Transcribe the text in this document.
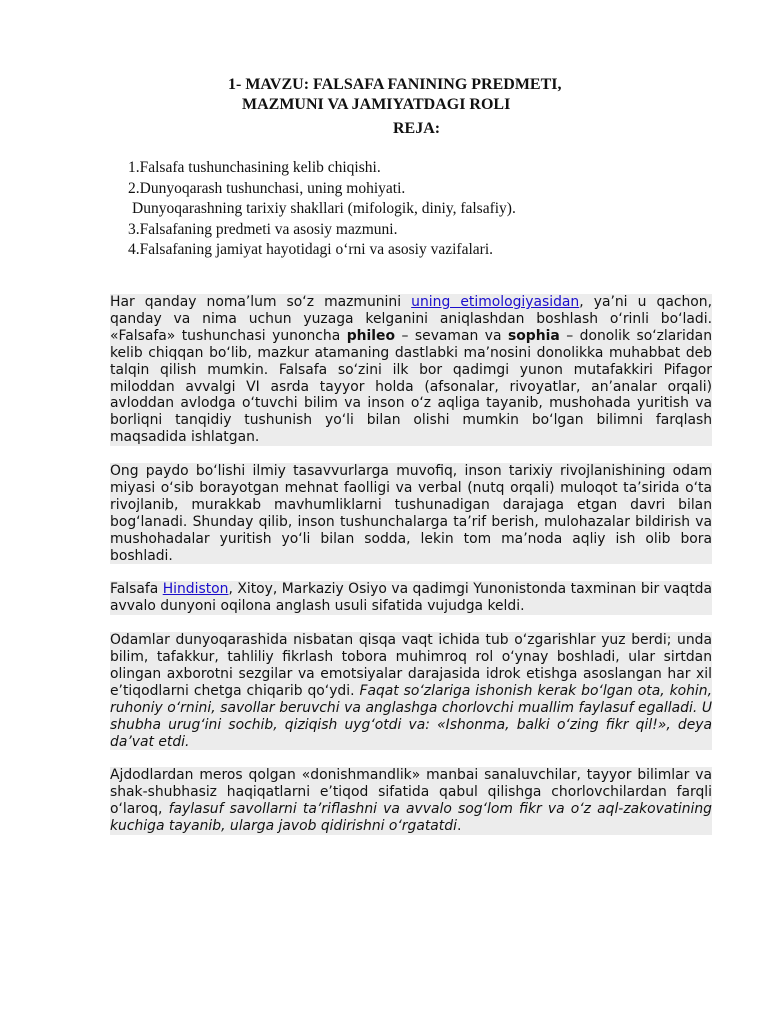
1- MAVZU: FALSAFA FANINING PREDMETI,
MAZMUNI VA JAMIYATDAGI ROLI
REJA:
1.Falsafa tushunchasining kelib chiqishi.
2.Dunyoqarash tushunchasi, uning mohiyati.
Dunyoqarashning tarixiy shakllari (mifologik, diniy, falsafiy).
3.Falsafaning predmeti va asosiy mazmuni.
4.Falsafaning jamiyat hayotidagi o‘rni va asosiy vazifalari.

Har qanday noma’lum so‘z mazmunini uning etimologiyasidan, ya’ni u qachon, qanday va nima uchun yuzaga kelganini aniqlashdan boshlash o‘rinli bo‘ladi. «Falsafa» tushunchasi yunoncha phileo – sevaman va sophia – donolik so‘zlaridan kelib chiqqan bo‘lib, mazkur atamaning dastlabki ma’nosini donolikka muhabbat deb talqin qilish mumkin. Falsafa so‘zini ilk bor qadimgi yunon mutafakkiri Pifagor miloddan avvalgi VI asrda tayyor holda (afsonalar, rivoyatlar, an’analar orqali) avloddan avlodga o‘tuvchi bilim va inson o‘z aqliga tayanib, mushohada yuritish va borliqni tanqidiy tushunish yo‘li bilan olishi mumkin bo‘lgan bilimni farqlash maqsadida ishlatgan.

Ong paydo bo‘lishi ilmiy tasavvurlarga muvofiq, inson tarixiy rivojlanishining odam miyasi o‘sib borayotgan mehnat faolligi va verbal (nutq orqali) muloqot ta’sirida o‘ta rivojlanib, murakkab mavhumliklarni tushunadigan darajaga etgan davri bilan bog‘lanadi. Shunday qilib, inson tushunchalarga ta’rif berish, mulohazalar bildirish va mushohadalar yuritish yo‘li bilan sodda, lekin tom ma’noda aqliy ish olib bora boshladi.

Falsafa Hindiston, Xitoy, Markaziy Osiyo va qadimgi Yunonistonda taxminan bir vaqtda avvalo dunyoni oqilona anglash usuli sifatida vujudga keldi.

Odamlar dunyoqarashida nisbatan qisqa vaqt ichida tub o‘zgarishlar yuz berdi; unda bilim, tafakkur, tahliliy fikrlash tobora muhimroq rol o‘ynay boshladi, ular sirtdan olingan axborotni sezgilar va emotsiyalar darajasida idrok etishga asoslangan har xil e’tiqodlarni chetga chiqarib qo‘ydi. Faqat so‘zlariga ishonish kerak bo‘lgan ota, kohin, ruhoniy o‘rnini, savollar beruvchi va anglashga chorlovchi muallim faylasuf egalladi. U shubha urug‘ini sochib, qiziqish uyg‘otdi va: «Ishonma, balki o‘zing fikr qil!», deya da’vat etdi.

Ajdodlardan meros qolgan «donishmandlik» manbai sanaluvchilar, tayyor bilimlar va shak-shubhasiz haqiqatlarni e’tiqod sifatida qabul qilishga chorlovchilardan farqli o‘laroq, faylasuf savollarni ta’riflashni va avvalo sog‘lom fikr va o‘z aql-zakovatining kuchiga tayanib, ularga javob qidirishni o‘rgatatdi.
